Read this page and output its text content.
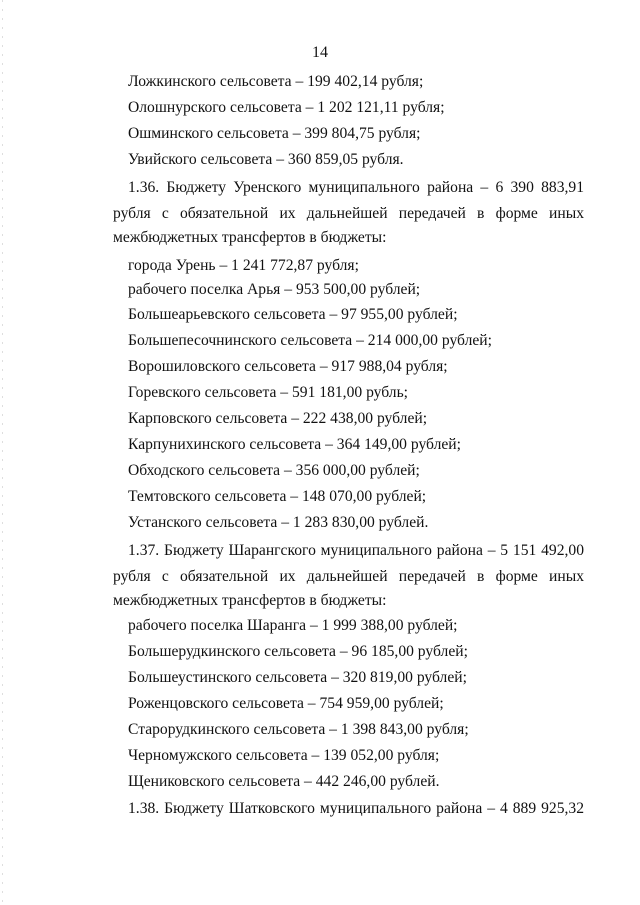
14
Ложкинского сельсовета – 199 402,14 рубля;
Олошнурского сельсовета – 1 202 121,11 рубля;
Ошминского сельсовета – 399 804,75 рубля;
Увийского сельсовета – 360 859,05 рубля.
1.36. Бюджету Уренского муниципального района – 6 390 883,91
рубля с обязательной их дальнейшей передачей в форме иных
межбюджетных трансфертов в бюджеты:
города Урень – 1 241 772,87 рубля;
рабочего поселка Арья – 953 500,00 рублей;
Большеарьевского сельсовета – 97 955,00 рублей;
Большепесочнинского сельсовета – 214 000,00 рублей;
Ворошиловского сельсовета – 917 988,04 рубля;
Горевского сельсовета – 591 181,00 рубль;
Карповского сельсовета – 222 438,00 рублей;
Карпунихинского сельсовета – 364 149,00 рублей;
Обходского сельсовета – 356 000,00 рублей;
Темтовского сельсовета – 148 070,00 рублей;
Устанского сельсовета – 1 283 830,00 рублей.
1.37. Бюджету Шарангского муниципального района – 5 151 492,00
рубля с обязательной их дальнейшей передачей в форме иных
межбюджетных трансфертов в бюджеты:
рабочего поселка Шаранга – 1 999 388,00 рублей;
Большерудкинского сельсовета – 96 185,00 рублей;
Большеустинского сельсовета – 320 819,00 рублей;
Роженцовского сельсовета – 754 959,00 рублей;
Старорудкинского сельсовета – 1 398 843,00 рубля;
Черномужского сельсовета – 139 052,00 рубля;
Щениковского сельсовета – 442 246,00 рублей.
1.38. Бюджету Шатковского муниципального района – 4 889 925,32
